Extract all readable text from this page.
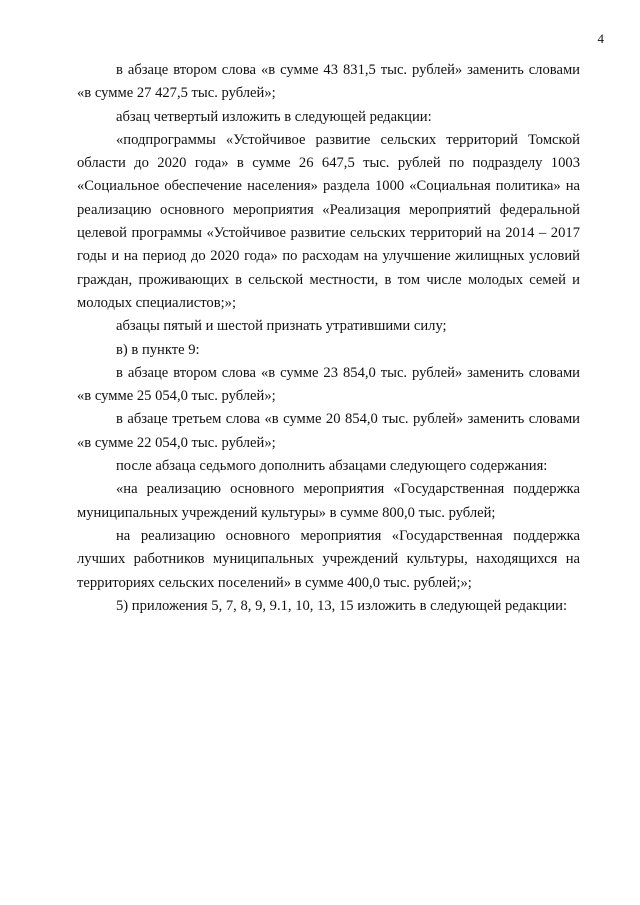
4

в абзаце втором слова «в сумме 43 831,5 тыс. рублей» заменить словами «в сумме 27 427,5 тыс. рублей»;

абзац четвертый изложить в следующей редакции:

«подпрограммы «Устойчивое развитие сельских территорий Томской области до 2020 года» в сумме 26 647,5 тыс. рублей по подразделу 1003 «Социальное обеспечение населения» раздела 1000 «Социальная политика» на реализацию основного мероприятия «Реализация мероприятий федеральной целевой программы «Устойчивое развитие сельских территорий на 2014 – 2017 годы и на период до 2020 года» по расходам на улучшение жилищных условий граждан, проживающих в сельской местности, в том числе молодых семей и молодых специалистов;»;

абзацы пятый и шестой признать утратившими силу;

в) в пункте 9:

в абзаце втором слова «в сумме 23 854,0 тыс. рублей» заменить словами «в сумме 25 054,0 тыс. рублей»;

в абзаце третьем слова «в сумме 20 854,0 тыс. рублей» заменить словами «в сумме 22 054,0 тыс. рублей»;

после абзаца седьмого дополнить абзацами следующего содержания:

«на реализацию основного мероприятия «Государственная поддержка муниципальных учреждений культуры» в сумме 800,0 тыс. рублей;

на реализацию основного мероприятия «Государственная поддержка лучших работников муниципальных учреждений культуры, находящихся на территориях сельских поселений» в сумме 400,0 тыс. рублей;»;

5) приложения 5, 7, 8, 9, 9.1, 10, 13, 15 изложить в следующей редакции:
